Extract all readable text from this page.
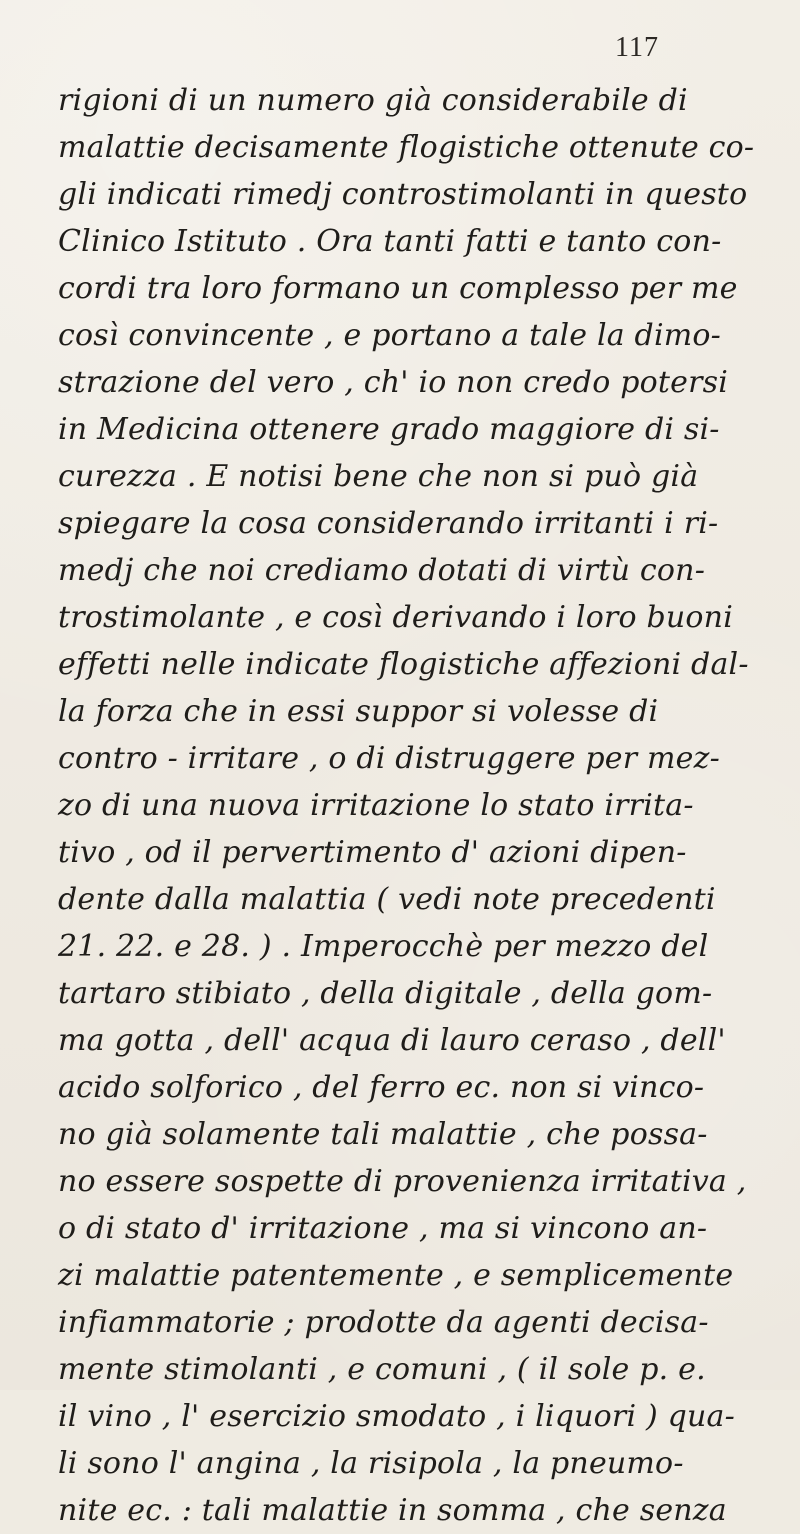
117
rigioni di un numero già considerabile di
malattie decisamente flogistiche ottenute co-
gli indicati rimedj controstimolanti in questo
Clinico Istituto . Ora tanti fatti e tanto con-
cordi tra loro formano un complesso per me
così convincente , e portano a tale la dimo-
strazione del vero , ch' io non credo potersi
in Medicina ottenere grado maggiore di si-
curezza . E notisi bene che non si può già
spiegare la cosa considerando irritanti i ri-
medj che noi crediamo dotati di virtù con-
trostimolante , e così derivando i loro buoni
effetti nelle indicate flogistiche affezioni dal-
la forza che in essi suppor si volesse di
contro - irritare , o di distruggere per mez-
zo di una nuova irritazione lo stato irrita-
tivo , od il pervertimento d' azioni dipen-
dente dalla malattia ( vedi note precedenti
21. 22. e 28. ) . Imperocchè per mezzo del
tartaro stibiato , della digitale , della gom-
ma gotta , dell' acqua di lauro ceraso , dell'
acido solforico , del ferro ec. non si vinco-
no già solamente tali malattie , che possa-
no essere sospette di provenienza irritativa ,
o di stato d' irritazione , ma si vincono an-
zi malattie patentemente , e semplicemente
infiammatorie ; prodotte da agenti decisa-
mente stimolanti , e comuni , ( il sole p. e.
il vino , l' esercizio smodato , i liquori ) qua-
li sono l' angina , la risipola , la pneumo-
nite ec. : tali malattie in somma , che senza
